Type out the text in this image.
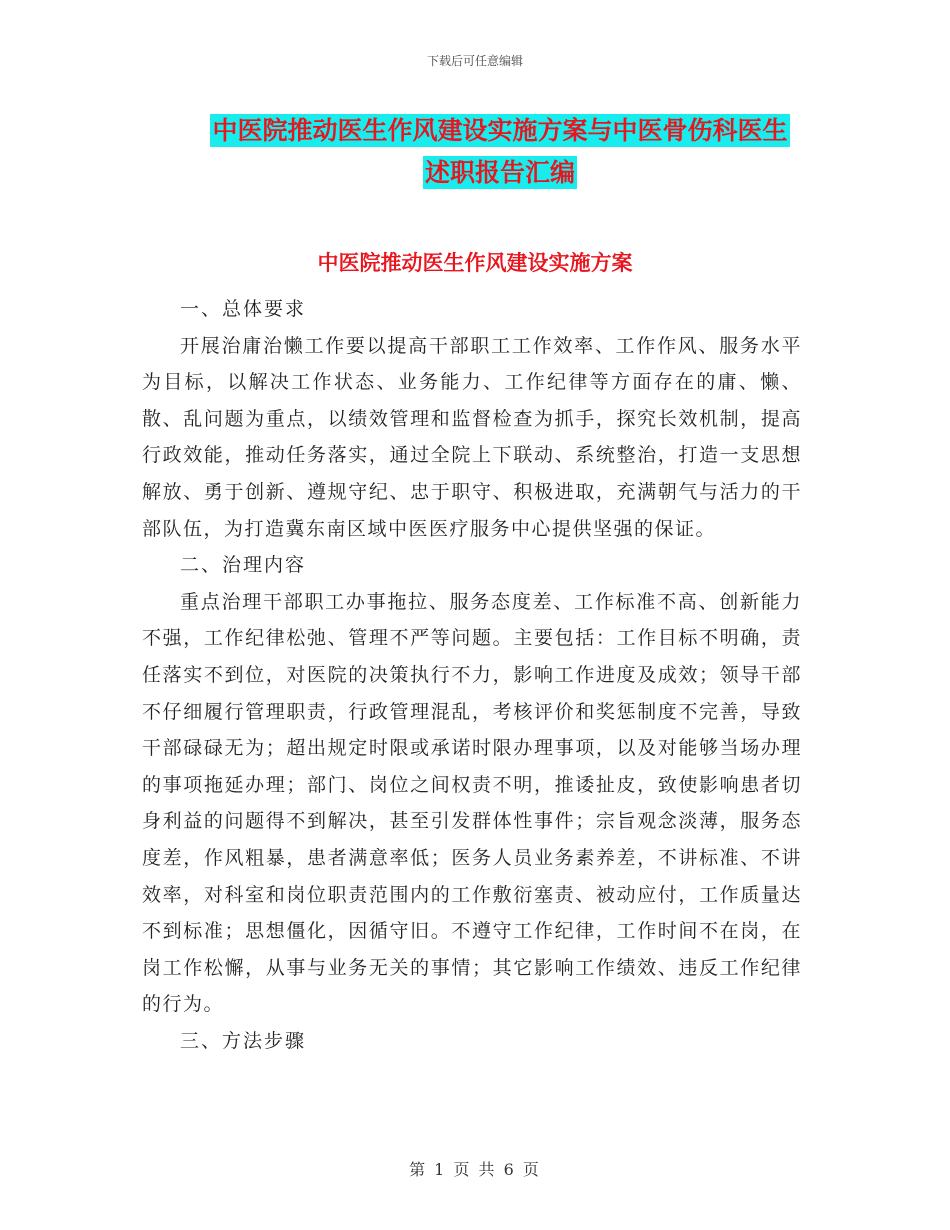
下载后可任意编辑
中医院推动医生作风建设实施方案与中医骨伤科医生
述职报告汇编
中医院推动医生作风建设实施方案

一、总体要求

开展治庸治懒工作要以提高干部职工工作效率、工作作风、服务水平为目标，以解决工作状态、业务能力、工作纪律等方面存在的庸、懒、散、乱问题为重点，以绩效管理和监督检查为抓手，探究长效机制，提高行政效能，推动任务落实，通过全院上下联动、系统整治，打造一支思想解放、勇于创新、遵规守纪、忠于职守、积极进取，充满朝气与活力的干部队伍，为打造冀东南区域中医医疗服务中心提供坚强的保证。

二、治理内容

重点治理干部职工办事拖拉、服务态度差、工作标准不高、创新能力不强，工作纪律松弛、管理不严等问题。主要包括：工作目标不明确，责任落实不到位，对医院的决策执行不力，影响工作进度及成效；领导干部不仔细履行管理职责，行政管理混乱，考核评价和奖惩制度不完善，导致干部碌碌无为；超出规定时限或承诺时限办理事项，以及对能够当场办理的事项拖延办理；部门、岗位之间权责不明，推诿扯皮，致使影响患者切身利益的问题得不到解决，甚至引发群体性事件；宗旨观念淡薄，服务态度差，作风粗暴，患者满意率低；医务人员业务素养差，不讲标准、不讲效率，对科室和岗位职责范围内的工作敷衍塞责、被动应付，工作质量达不到标准；思想僵化，因循守旧。不遵守工作纪律，工作时间不在岗，在岗工作松懈，从事与业务无关的事情；其它影响工作绩效、违反工作纪律的行为。

三、方法步骤

第 1 页 共 6 页
